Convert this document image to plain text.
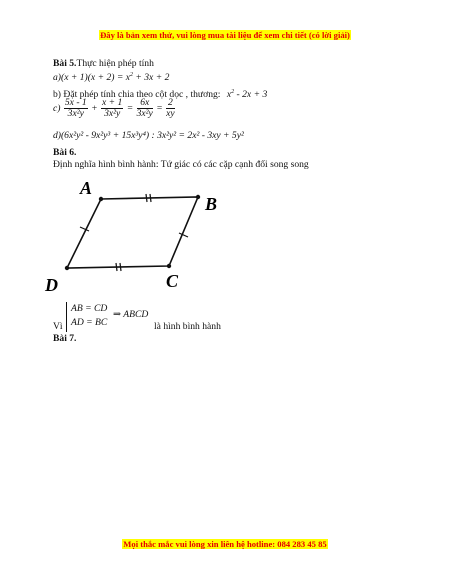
Đây là bản xem thử, vui lòng mua tài liệu để xem chi tiết (có lời giải)
Bài 5.Thực hiện phép tính
$a)(x + 1)(x + 2) = x^2 + 3x + 2$
b) Đặt phép tính chia theo cột dọc , thương: $x^2 - 2x + 3$
$c) \frac{5x - 1}{\text{3x²y}} + \frac{x + 1}{\text{3x²y}} = \frac{6x}{\text{3x²y}} = \frac{2}{xy}$
d)(6x²y² - 9x²y³ + 15x³y⁴) : 3x²y² = 2x² - 3xy + 5y²
Bài 6.
Định nghĩa hình bình hành: Tứ giác có các cặp cạnh đối song song
A
B
C
D
Vì
AB = CD
AD = BC
⇒ ABCD
là hình bình hành
Bài 7.
Mọi thắc mắc vui lòng xin liên hệ hotline: 084 283 45 85
